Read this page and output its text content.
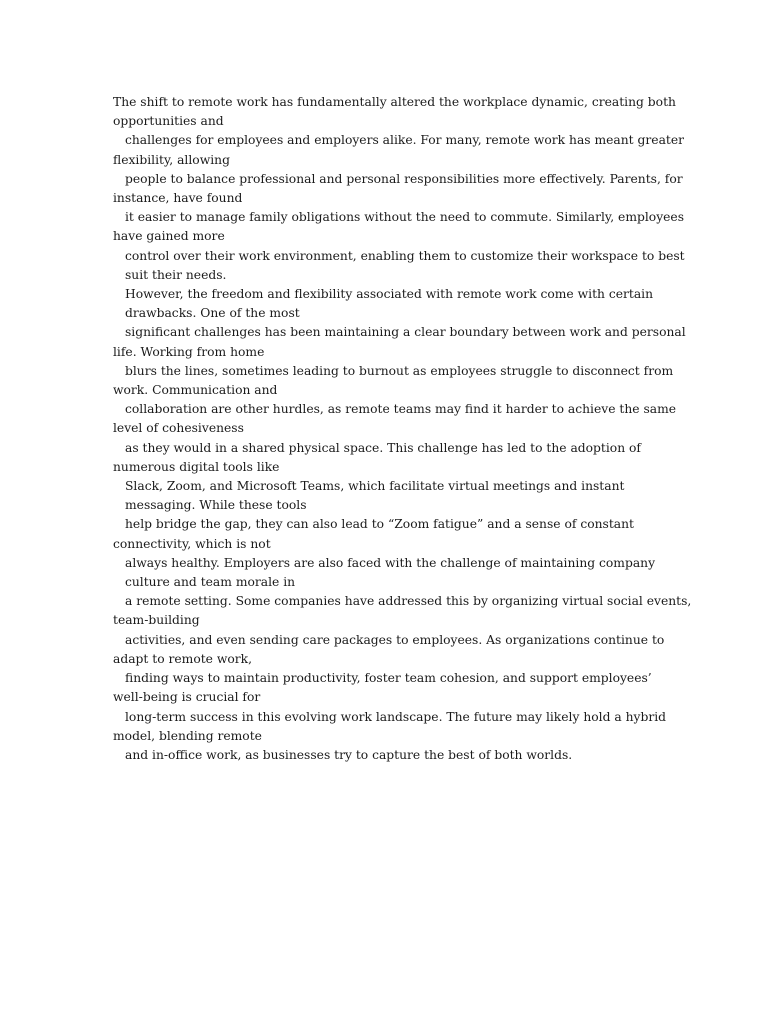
The shift to remote work has fundamentally altered the workplace dynamic, creating both
opportunities and
challenges for employees and employers alike. For many, remote work has meant greater
flexibility, allowing
people to balance professional and personal responsibilities more effectively. Parents, for
instance, have found
it easier to manage family obligations without the need to commute. Similarly, employees
have gained more
control over their work environment, enabling them to customize their workspace to best
suit their needs.
However, the freedom and flexibility associated with remote work come with certain
drawbacks. One of the most
significant challenges has been maintaining a clear boundary between work and personal
life. Working from home
blurs the lines, sometimes leading to burnout as employees struggle to disconnect from
work. Communication and
collaboration are other hurdles, as remote teams may find it harder to achieve the same
level of cohesiveness
as they would in a shared physical space. This challenge has led to the adoption of
numerous digital tools like
Slack, Zoom, and Microsoft Teams, which facilitate virtual meetings and instant
messaging. While these tools
help bridge the gap, they can also lead to “Zoom fatigue” and a sense of constant
connectivity, which is not
always healthy. Employers are also faced with the challenge of maintaining company
culture and team morale in
a remote setting. Some companies have addressed this by organizing virtual social events,
team-building
activities, and even sending care packages to employees. As organizations continue to
adapt to remote work,
finding ways to maintain productivity, foster team cohesion, and support employees’
well-being is crucial for
long-term success in this evolving work landscape. The future may likely hold a hybrid
model, blending remote
and in-office work, as businesses try to capture the best of both worlds.
